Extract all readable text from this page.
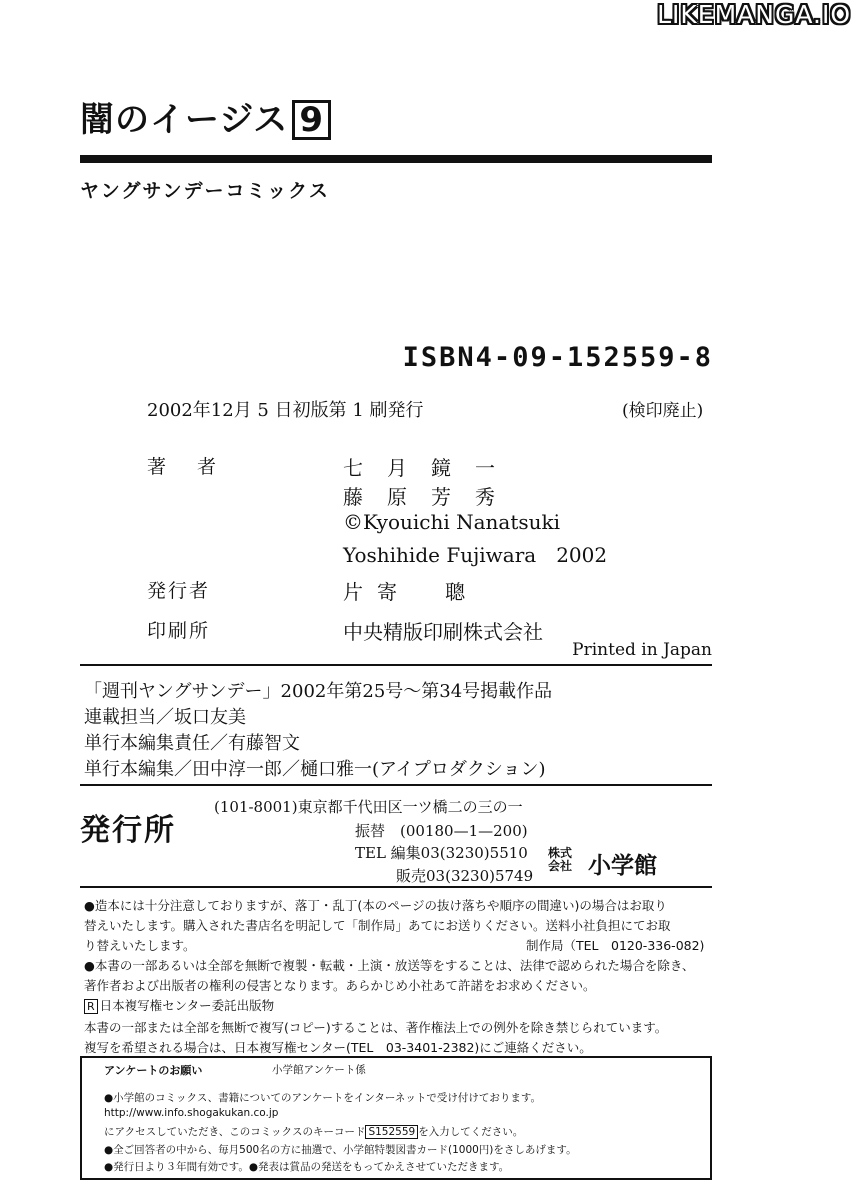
LIKEMANGA.IO
闇のイージス 9
ヤングサンデーコミックス
ISBN4-09-152559-8
2002年12月 5 日初版第 1 刷発行	(検印廃止)
著　者	七月鏡一
藤原芳秀
©Kyouichi Nanatsuki
Yoshihide Fujiwara　2002
発行者	片寄　聰
印刷所	中央精版印刷株式会社
Printed in Japan
「週刊ヤングサンデー」2002年第25号～第34号掲載作品
連載担当／坂口友美
単行本編集責任／有藤智文
単行本編集／田中淳一郎／樋口雅一(アイプロダクション)
発行所
(101-8001)東京都千代田区一ツ橋二の三の一
振替　(00180—1—200)
TEL 編集03(3230)5510
販売03(3230)5749
株式
会社 小学館
●造本には十分注意しておりますが、落丁・乱丁(本のページの抜け落ちや順序の間違い)の場合はお取り
替えいたします。購入された書店名を明記して「制作局」あてにお送りください。送料小社負担にてお取
り替えいたします。	制作局（TEL　0120-336-082)
●本書の一部あるいは全部を無断で複製・転載・上演・放送等をすることは、法律で認められた場合を除き、
著作者および出版者の権利の侵害となります。あらかじめ小社あて許諾をお求めください。
R 日本複写権センター委託出版物
本書の一部または全部を無断で複写(コピー)することは、著作権法上での例外を除き禁じられています。
複写を希望される場合は、日本複写権センター(TEL　03-3401-2382)にご連絡ください。
アンケートのお願い	小学館アンケート係
●小学館のコミックス、書籍についてのアンケートをインターネットで受け付けております。
http://www.info.shogakukan.co.jp
にアクセスしていただき、このコミックスのキーコード S152559 を入力してください。
●全ご回答者の中から、毎月500名の方に抽選で、小学館特製図書カード(1000円)をさしあげます。
●発行日より３年間有効です。●発表は賞品の発送をもってかえさせていただきます。
